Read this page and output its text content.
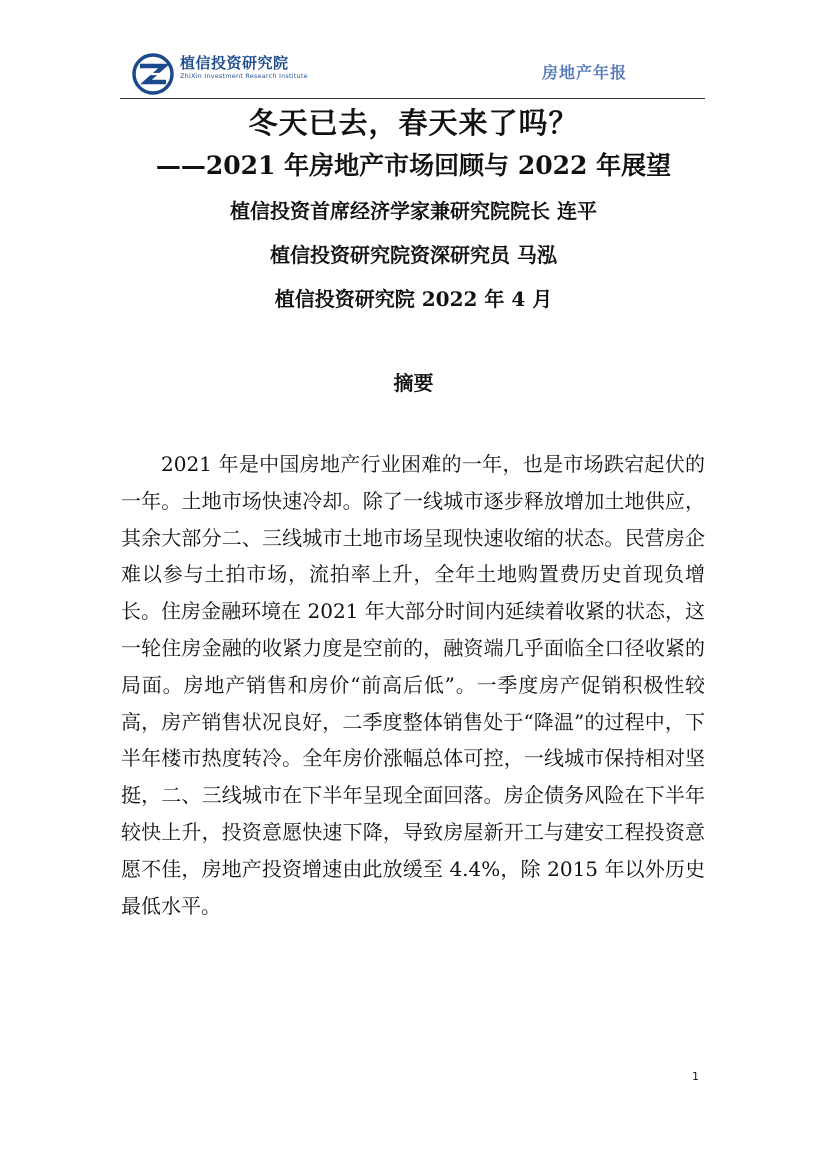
植信投资研究院
ZhiXin Investment Research Institute	房地产年报
冬天已去，春天来了吗？
——2021 年房地产市场回顾与 2022 年展望
植信投资首席经济学家兼研究院院长 连平
植信投资研究院资深研究员 马泓
植信投资研究院 2022 年 4 月
摘要

2021 年是中国房地产行业困难的一年，也是市场跌宕起伏的一年。土地市场快速冷却。除了一线城市逐步释放增加土地供应，其余大部分二、三线城市土地市场呈现快速收缩的状态。民营房企难以参与土拍市场，流拍率上升，全年土地购置费历史首现负增长。住房金融环境在 2021 年大部分时间内延续着收紧的状态，这一轮住房金融的收紧力度是空前的，融资端几乎面临全口径收紧的局面。房地产销售和房价“前高后低”。一季度房产促销积极性较高，房产销售状况良好，二季度整体销售处于“降温”的过程中，下半年楼市热度转冷。全年房价涨幅总体可控，一线城市保持相对坚挺，二、三线城市在下半年呈现全面回落。房企债务风险在下半年较快上升，投资意愿快速下降，导致房屋新开工与建安工程投资意愿不佳，房地产投资增速由此放缓至 4.4%，除 2015 年以外历史最低水平。

1
